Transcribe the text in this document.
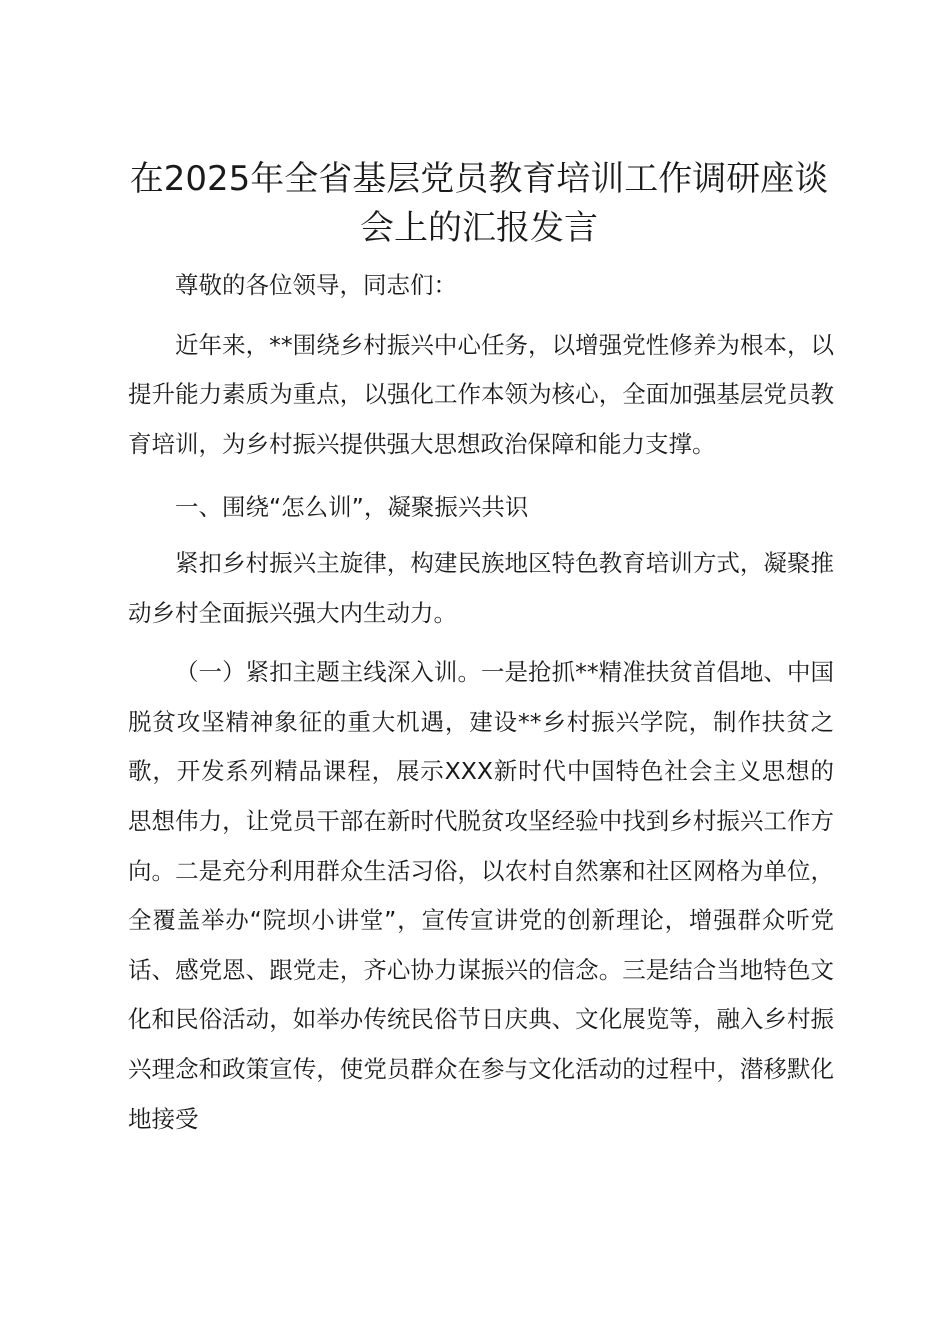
在2025年全省基层党员教育培训工作调研座谈会上的汇报发言

尊敬的各位领导，同志们：

近年来，**围绕乡村振兴中心任务，以增强党性修养为根本，以提升能力素质为重点，以强化工作本领为核心，全面加强基层党员教育培训，为乡村振兴提供强大思想政治保障和能力支撑。

一、围绕“怎么训”，凝聚振兴共识

紧扣乡村振兴主旋律，构建民族地区特色教育培训方式，凝聚推动乡村全面振兴强大内生动力。

（一）紧扣主题主线深入训。一是抢抓**精准扶贫首倡地、中国脱贫攻坚精神象征的重大机遇，建设**乡村振兴学院，制作扶贫之歌，开发系列精品课程，展示XXX新时代中国特色社会主义思想的思想伟力，让党员干部在新时代脱贫攻坚经验中找到乡村振兴工作方向。二是充分利用群众生活习俗，以农村自然寨和社区网格为单位，全覆盖举办“院坝小讲堂”，宣传宣讲党的创新理论，增强群众听党话、感党恩、跟党走，齐心协力谋振兴的信念。三是结合当地特色文化和民俗活动，如举办传统民俗节日庆典、文化展览等，融入乡村振兴理念和政策宣传，使党员群众在参与文化活动的过程中，潜移默化地接受
